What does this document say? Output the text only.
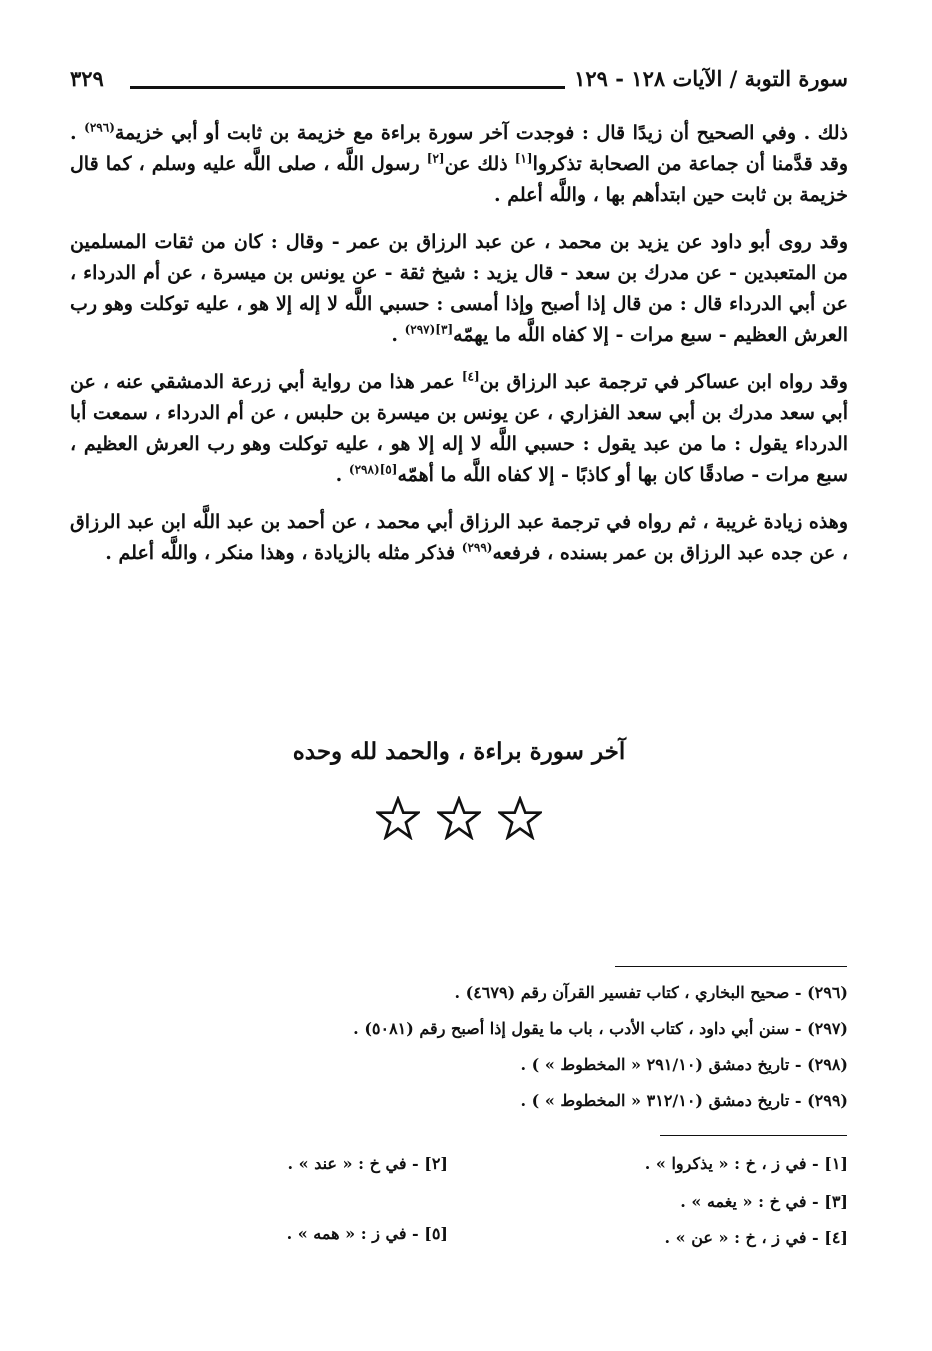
سورة التوبة / الآيات ١٢٨ - ١٢٩
٣٢٩

ذلك . وفي الصحيح أن زيدًا قال : فوجدت آخر سورة براءة مع خزيمة بن ثابت أو أبي خزيمة$^{(٢٩٦)}$ . وقد قدَّمنا أن جماعة من الصحابة تذكروا[١] ذلك عن[٢] رسول اللَّه ، صلى اللَّه عليه وسلم ، كما قال خزيمة بن ثابت حين ابتدأهم بها ، واللَّه أعلم .

وقد روى أبو داود عن يزيد بن محمد ، عن عبد الرزاق بن عمر - وقال : كان من ثقات المسلمين من المتعبدين - عن مدرك بن سعد - قال يزيد : شيخ ثقة - عن يونس بن ميسرة ، عن أم الدرداء ، عن أبي الدرداء قال : من قال إذا أصبح وإذا أمسى : حسبي اللَّه لا إله إلا هو ، عليه توكلت وهو رب العرش العظيم - سبع مرات - إلا كفاه اللَّه ما يهمّه$^{[٣](٢٩٧)}$ .

وقد رواه ابن عساكر في ترجمة عبد الرزاق بن[٤] عمر هذا من رواية أبي زرعة الدمشقي عنه ، عن أبي سعد مدرك بن أبي سعد الفزاري ، عن يونس بن ميسرة بن حلبس ، عن أم الدرداء ، سمعت أبا الدرداء يقول : ما من عبد يقول : حسبي اللَّه لا إله إلا هو ، عليه توكلت وهو رب العرش العظيم ، سبع مرات - صادقًا كان بها أو كاذبًا - إلا كفاه اللَّه ما أهمّه$^{[٥](٢٩٨)}$ .

وهذه زيادة غريبة ، ثم رواه في ترجمة عبد الرزاق أبي محمد ، عن أحمد بن عبد اللَّه ابن عبد الرزاق ، عن جده عبد الرزاق بن عمر بسنده ، فرفعه$^{(٢٩٩)}$ فذكر مثله بالزيادة ، وهذا منكر ، واللَّه أعلم .

آخر سورة براءة ، والحمد لله وحده

(٢٩٦) - صحيح البخاري ، كتاب تفسير القرآن رقم (٤٦٧٩) .
(٢٩٧) - سنن أبي داود ، كتاب الأدب ، باب ما يقول إذا أصبح رقم (٥٠٨١) .
(٢٩٨) - تاريخ دمشق (٢٩١/١٠ « المخطوط » ) .
(٢٩٩) - تاريخ دمشق (٣١٢/١٠ « المخطوط » ) .
[١] - في ز ، خ : « يذكروا » .
[٢] - في خ : « عند » .
[٣] - في خ : « يغمه » .
[٤] - في ز ، خ : « عن » .
[٥] - في ز : « همه » .
